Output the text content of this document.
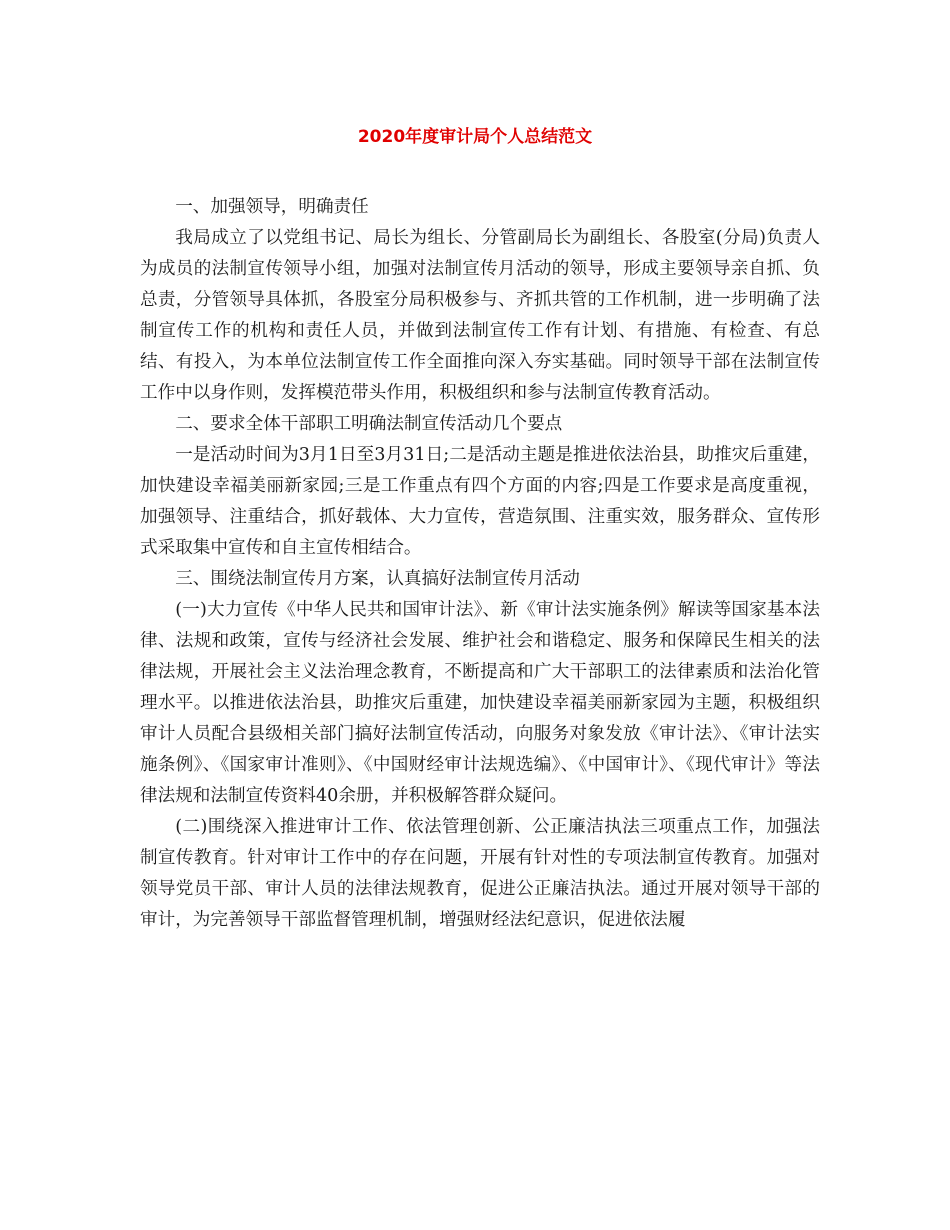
2020年度审计局个人总结范文

一、加强领导，明确责任

我局成立了以党组书记、局长为组长、分管副局长为副组长、各股室(分局)负责人为成员的法制宣传领导小组，加强对法制宣传月活动的领导，形成主要领导亲自抓、负总责，分管领导具体抓，各股室分局积极参与、齐抓共管的工作机制，进一步明确了法制宣传工作的机构和责任人员，并做到法制宣传工作有计划、有措施、有检查、有总结、有投入，为本单位法制宣传工作全面推向深入夯实基础。同时领导干部在法制宣传工作中以身作则，发挥模范带头作用，积极组织和参与法制宣传教育活动。

二、要求全体干部职工明确法制宣传活动几个要点

一是活动时间为3月1日至3月31日;二是活动主题是推进依法治县，助推灾后重建，加快建设幸福美丽新家园;三是工作重点有四个方面的内容;四是工作要求是高度重视，加强领导、注重结合，抓好载体、大力宣传，营造氛围、注重实效，服务群众、宣传形式采取集中宣传和自主宣传相结合。

三、围绕法制宣传月方案，认真搞好法制宣传月活动

(一)大力宣传《中华人民共和国审计法》、新《审计法实施条例》解读等国家基本法律、法规和政策，宣传与经济社会发展、维护社会和谐稳定、服务和保障民生相关的法律法规，开展社会主义法治理念教育，不断提高和广大干部职工的法律素质和法治化管理水平。以推进依法治县，助推灾后重建，加快建设幸福美丽新家园为主题，积极组织审计人员配合县级相关部门搞好法制宣传活动，向服务对象发放《审计法》、《审计法实施条例》、《国家审计准则》、《中国财经审计法规选编》、《中国审计》、《现代审计》等法律法规和法制宣传资料40余册，并积极解答群众疑问。

(二)围绕深入推进审计工作、依法管理创新、公正廉洁执法三项重点工作，加强法制宣传教育。针对审计工作中的存在问题，开展有针对性的专项法制宣传教育。加强对领导党员干部、审计人员的法律法规教育，促进公正廉洁执法。通过开展对领导干部的审计，为完善领导干部监督管理机制，增强财经法纪意识，促进依法履
